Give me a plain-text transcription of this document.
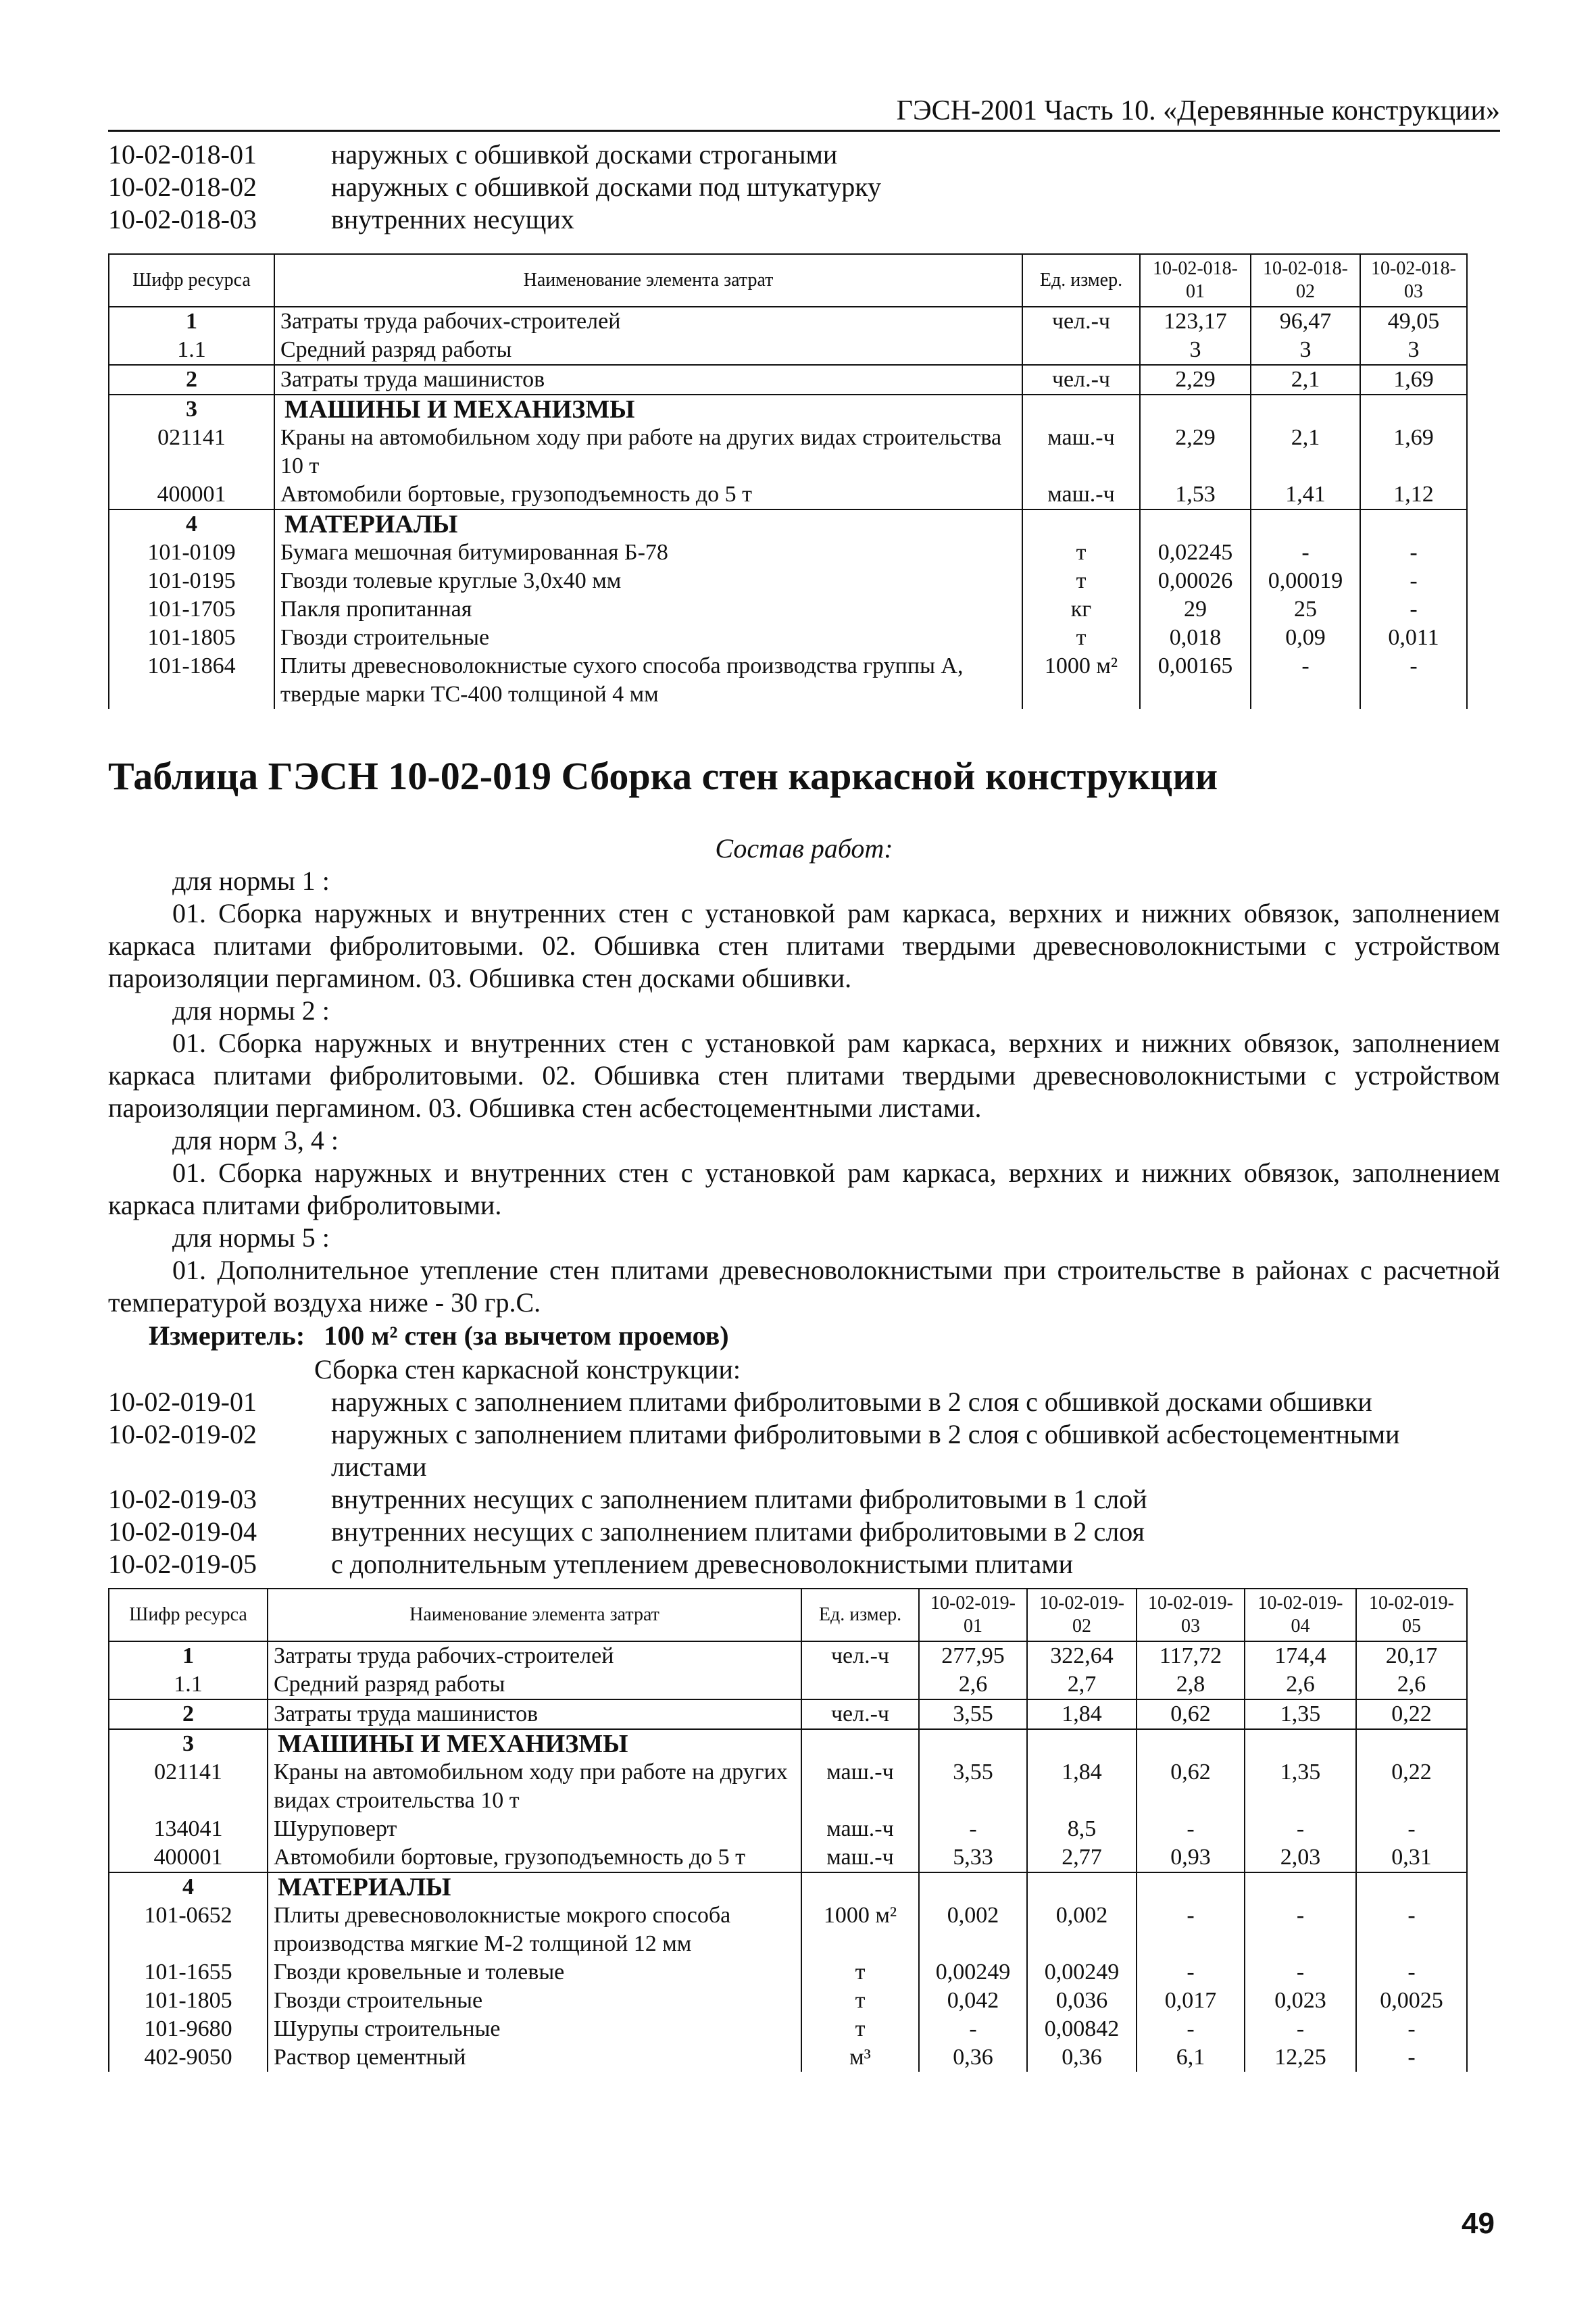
ГЭСН-2001 Часть 10. «Деревянные конструкции»
10-02-018-01	наружных с обшивкой досками строгаными
10-02-018-02	наружных с обшивкой досками под штукатурку
10-02-018-03	внутренних несущих
Шифр ресурса	Наименование элемента затрат	Ед. измер.	10-02-018-01	10-02-018-02	10-02-018-03
1	Затраты труда рабочих-строителей	чел.-ч	123,17	96,47	49,05
1.1	Средний разряд работы		3	3	3
2	Затраты труда машинистов	чел.-ч	2,29	2,1	1,69
3	МАШИНЫ И МЕХАНИЗМЫ				
021141	Краны на автомобильном ходу при работе на других видах строительства 10 т	маш.-ч	2,29	2,1	1,69
400001	Автомобили бортовые, грузоподъемность до 5 т	маш.-ч	1,53	1,41	1,12
4	МАТЕРИАЛЫ				
101-0109	Бумага мешочная битумированная Б-78	т	0,02245	-	-
101-0195	Гвозди толевые круглые 3,0х40 мм	т	0,00026	0,00019	-
101-1705	Пакля пропитанная	кг	29	25	-
101-1805	Гвозди строительные	т	0,018	0,09	0,011
101-1864	Плиты древесноволокнистые сухого способа производства группы А, твердые марки ТС-400 толщиной 4 мм	1000 м²	0,00165	-	-
Таблица ГЭСН 10-02-019 Сборка стен каркасной конструкции
Состав работ:
для нормы 1 :
01. Сборка наружных и внутренних стен с установкой рам каркаса, верхних и нижних обвязок, заполнением каркаса плитами фибролитовыми. 02. Обшивка стен плитами твердыми древесноволокнистыми с устройством пароизоляции пергамином. 03. Обшивка стен досками обшивки.
для нормы 2 :
01. Сборка наружных и внутренних стен с установкой рам каркаса, верхних и нижних обвязок, заполнением каркаса плитами фибролитовыми. 02. Обшивка стен плитами твердыми древесноволокнистыми с устройством пароизоляции пергамином. 03. Обшивка стен асбестоцементными листами.
для норм 3, 4 :
01. Сборка наружных и внутренних стен с установкой рам каркаса, верхних и нижних обвязок, заполнением каркаса плитами фибролитовыми.
для нормы 5 :
01. Дополнительное утепление стен плитами древесноволокнистыми при строительстве в районах с расчетной температурой воздуха ниже - 30 гр.С.
Измеритель: 100 м² стен (за вычетом проемов)
Сборка стен каркасной конструкции:
10-02-019-01	наружных с заполнением плитами фибролитовыми в 2 слоя с обшивкой досками обшивки
10-02-019-02	наружных с заполнением плитами фибролитовыми в 2 слоя с обшивкой асбестоцементными листами
10-02-019-03	внутренних несущих с заполнением плитами фибролитовыми в 1 слой
10-02-019-04	внутренних несущих с заполнением плитами фибролитовыми в 2 слоя
10-02-019-05	с дополнительным утеплением древесноволокнистыми плитами
Шифр ресурса	Наименование элемента затрат	Ед. измер.	10-02-019-01	10-02-019-02	10-02-019-03	10-02-019-04	10-02-019-05
1	Затраты труда рабочих-строителей	чел.-ч	277,95	322,64	117,72	174,4	20,17
1.1	Средний разряд работы		2,6	2,7	2,8	2,6	2,6
2	Затраты труда машинистов	чел.-ч	3,55	1,84	0,62	1,35	0,22
3	МАШИНЫ И МЕХАНИЗМЫ						
021141	Краны на автомобильном ходу при работе на других видах строительства 10 т	маш.-ч	3,55	1,84	0,62	1,35	0,22
134041	Шуруповерт	маш.-ч	-	8,5	-	-	-
400001	Автомобили бортовые, грузоподъемность до 5 т	маш.-ч	5,33	2,77	0,93	2,03	0,31
4	МАТЕРИАЛЫ						
101-0652	Плиты древесноволокнистые мокрого способа производства мягкие М-2 толщиной 12 мм	1000 м²	0,002	0,002	-	-	-
101-1655	Гвозди кровельные и толевые	т	0,00249	0,00249	-	-	-
101-1805	Гвозди строительные	т	0,042	0,036	0,017	0,023	0,0025
101-9680	Шурупы строительные	т	-	0,00842	-	-	-
402-9050	Раствор цементный	м³	0,36	0,36	6,1	12,25	-
49
